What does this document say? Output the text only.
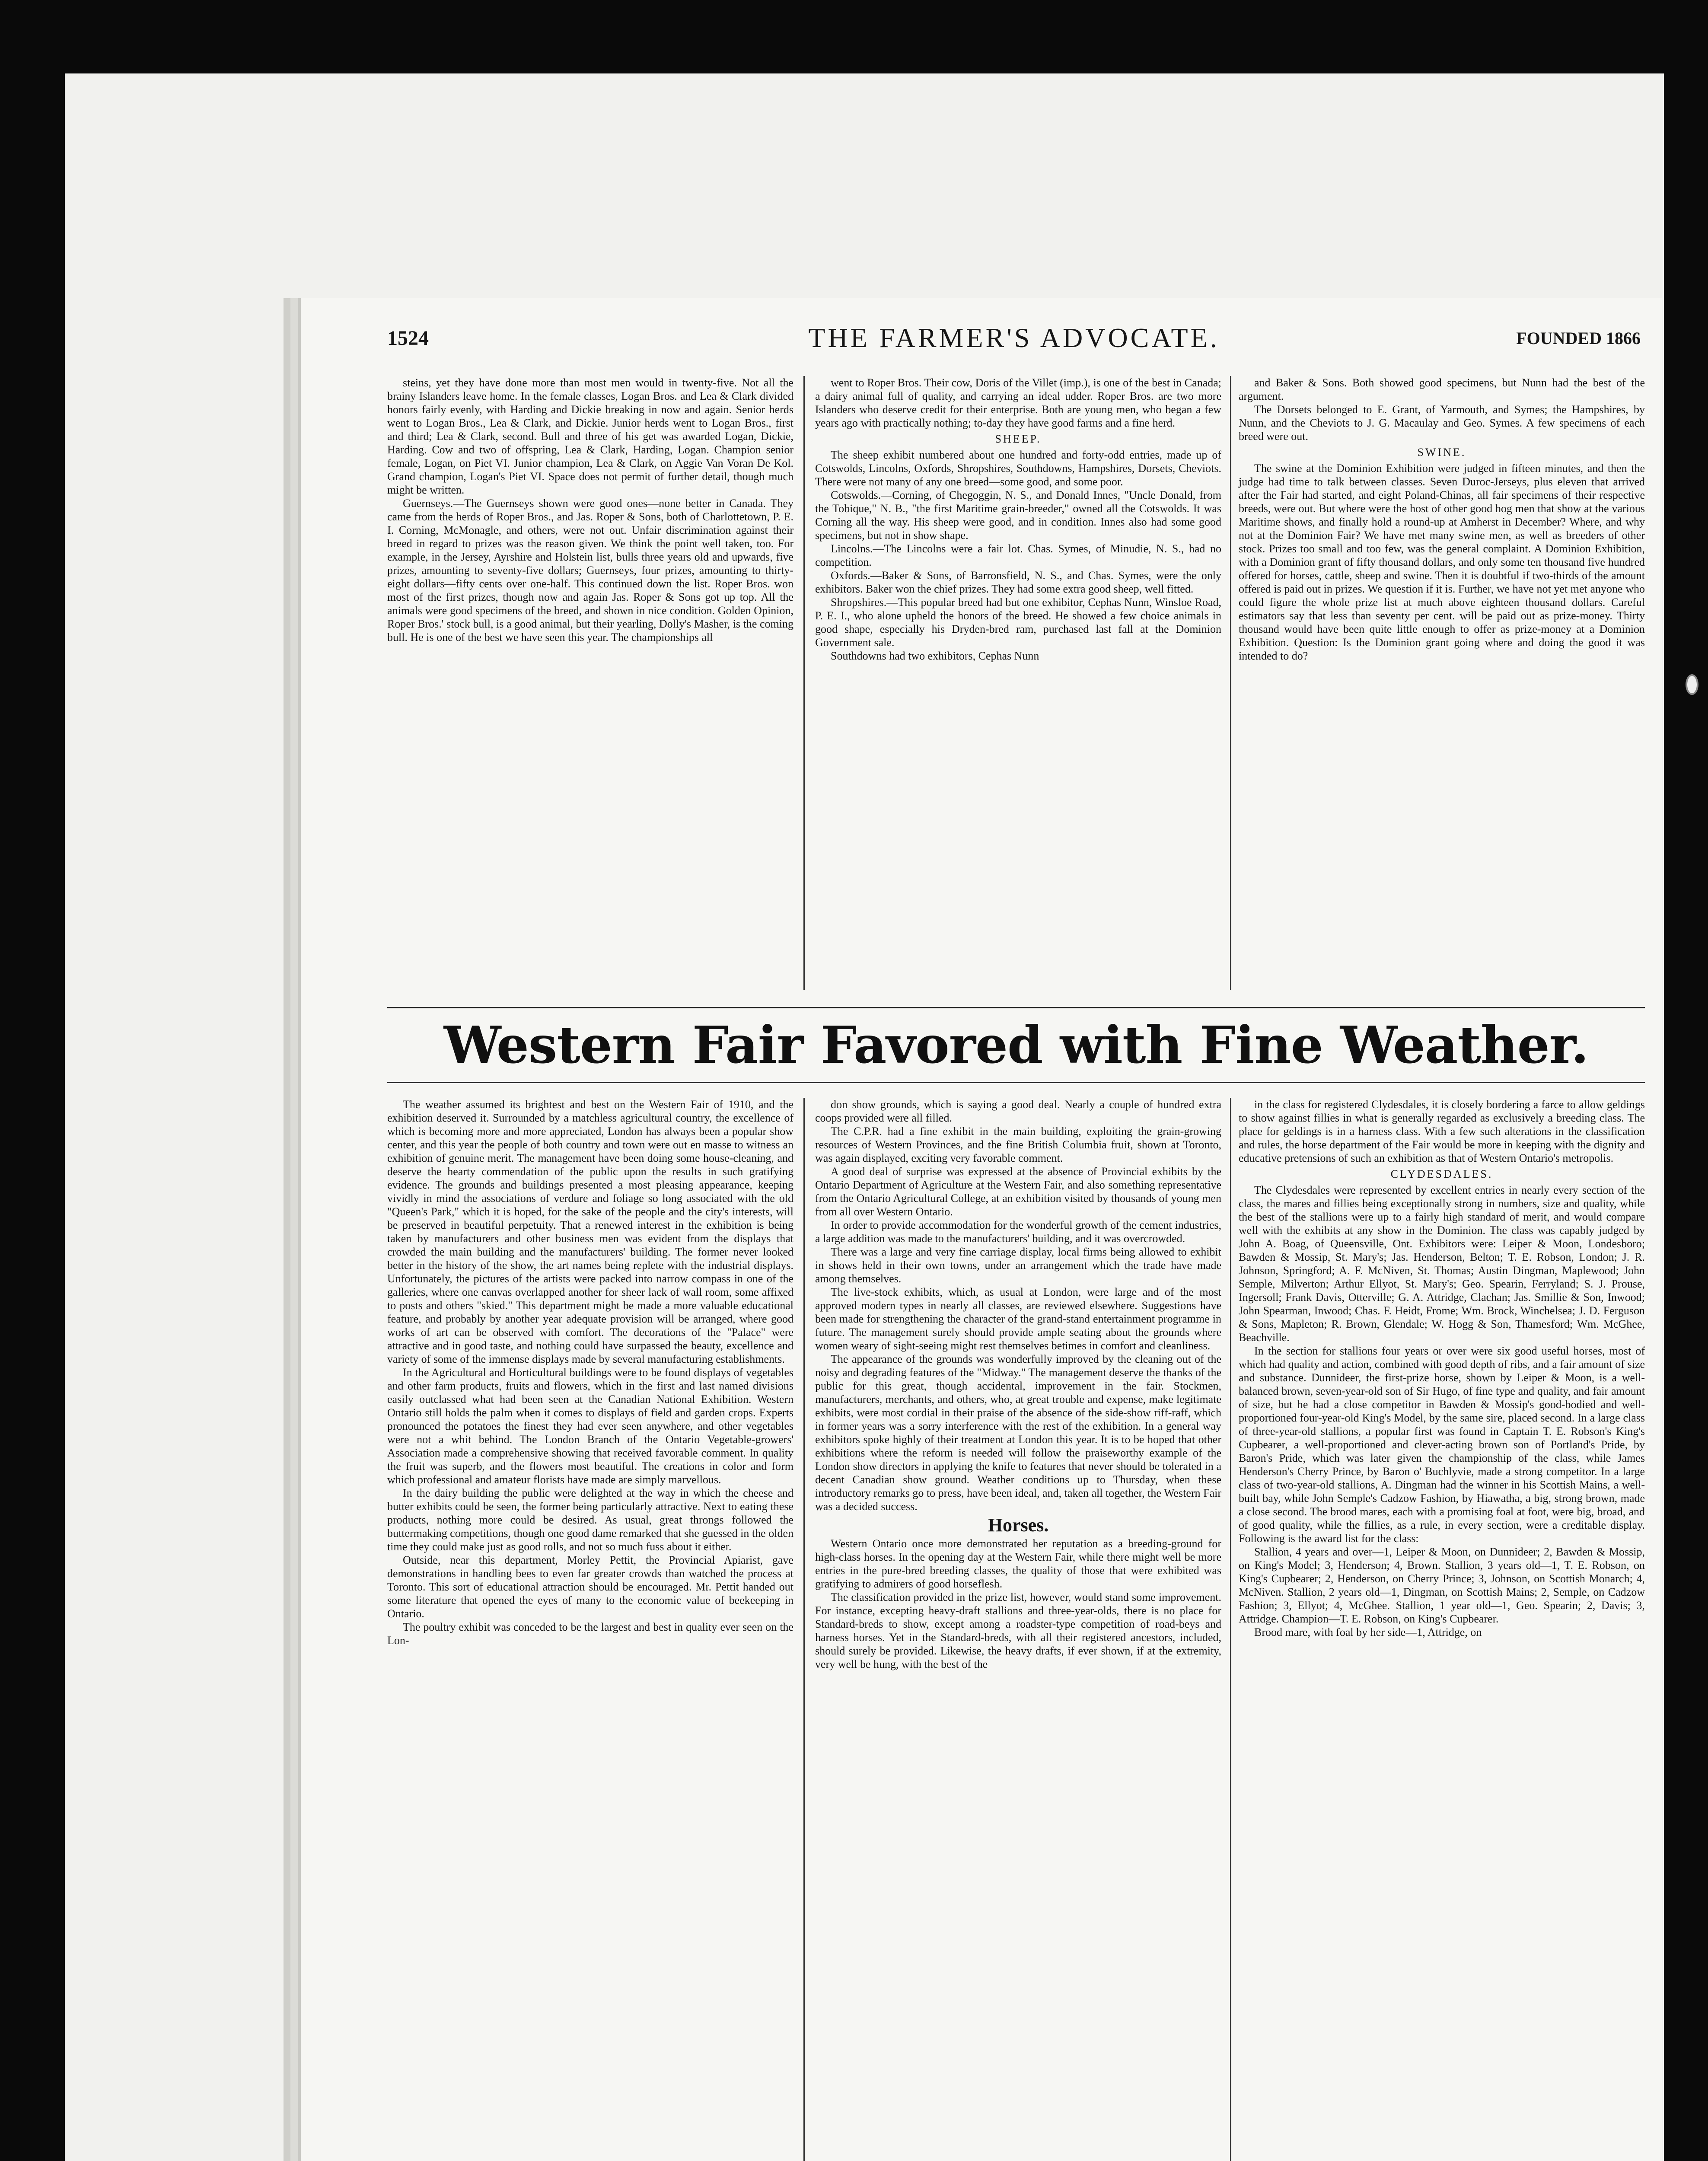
1524	THE FARMER'S ADVOCATE.	FOUNDED 1866

steins, yet they have done more than most men would in twenty-five. Not all the brainy Islanders leave home. In the female classes, Logan Bros. and Lea & Clark divided honors fairly evenly, with Harding and Dickie breaking in now and again. Senior herds went to Logan Bros., Lea & Clark, and Dickie. Junior herds went to Logan Bros., first and third; Lea & Clark, second. Bull and three of his get was awarded Logan, Dickie, Harding. Cow and two of offspring, Lea & Clark, Harding, Logan. Champion senior female, Logan, on Piet VI. Junior champion, Lea & Clark, on Aggie Van Voran De Kol. Grand champion, Logan's Piet VI. Space does not permit of further detail, though much might be written.

Guernseys.—The Guernseys shown were good ones—none better in Canada. They came from the herds of Roper Bros., and Jas. Roper & Sons, both of Charlottetown, P. E. I. Corning, McMonagle, and others, were not out. Unfair discrimination against their breed in regard to prizes was the reason given. We think the point well taken, too. For example, in the Jersey, Ayrshire and Holstein list, bulls three years old and upwards, five prizes, amounting to seventy-five dollars; Guernseys, four prizes, amounting to thirty-eight dollars—fifty cents over one-half. This continued down the list. Roper Bros. won most of the first prizes, though now and again Jas. Roper & Sons got up top. All the animals were good specimens of the breed, and shown in nice condition. Golden Opinion, Roper Bros.' stock bull, is a good animal, but their yearling, Dolly's Masher, is the coming bull. He is one of the best we have seen this year. The championships all

went to Roper Bros. Their cow, Doris of the Villet (imp.), is one of the best in Canada; a dairy animal full of quality, and carrying an ideal udder. Roper Bros. are two more Islanders who deserve credit for their enterprise. Both are young men, who began a few years ago with practically nothing; to-day they have good farms and a fine herd.

SHEEP.

The sheep exhibit numbered about one hundred and forty-odd entries, made up of Cotswolds, Lincolns, Oxfords, Shropshires, Southdowns, Hampshires, Dorsets, Cheviots. There were not many of any one breed—some good, and some poor.

Cotswolds.—Corning, of Chegoggin, N. S., and Donald Innes, "Uncle Donald, from the Tobique," N. B., "the first Maritime grain-breeder," owned all the Cotswolds. It was Corning all the way. His sheep were good, and in condition. Innes also had some good specimens, but not in show shape.

Lincolns.—The Lincolns were a fair lot. Chas. Symes, of Minudie, N. S., had no competition.

Oxfords.—Baker & Sons, of Barronsfield, N. S., and Chas. Symes, were the only exhibitors. Baker won the chief prizes. They had some extra good sheep, well fitted.

Shropshires.—This popular breed had but one exhibitor, Cephas Nunn, Winsloe Road, P. E. I., who alone upheld the honors of the breed. He showed a few choice animals in good shape, especially his Dryden-bred ram, purchased last fall at the Dominion Government sale.

Southdowns had two exhibitors, Cephas Nunn

and Baker & Sons. Both showed good specimens, but Nunn had the best of the argument.

The Dorsets belonged to E. Grant, of Yarmouth, and Symes; the Hampshires, by Nunn, and the Cheviots to J. G. Macaulay and Geo. Symes. A few specimens of each breed were out.

SWINE.

The swine at the Dominion Exhibition were judged in fifteen minutes, and then the judge had time to talk between classes. Seven Duroc-Jerseys, plus eleven that arrived after the Fair had started, and eight Poland-Chinas, all fair specimens of their respective breeds, were out. But where were the host of other good hog men that show at the various Maritime shows, and finally hold a round-up at Amherst in December? Where, and why not at the Dominion Fair? We have met many swine men, as well as breeders of other stock. Prizes too small and too few, was the general complaint. A Dominion Exhibition, with a Dominion grant of fifty thousand dollars, and only some ten thousand five hundred offered for horses, cattle, sheep and swine. Then it is doubtful if two-thirds of the amount offered is paid out in prizes. We question if it is. Further, we have not yet met anyone who could figure the whole prize list at much above eighteen thousand dollars. Careful estimators say that less than seventy per cent. will be paid out as prize-money. Thirty thousand would have been quite little enough to offer as prize-money at a Dominion Exhibition. Question: Is the Dominion grant going where and doing the good it was intended to do?

Western Fair Favored with Fine Weather.

The weather assumed its brightest and best on the Western Fair of 1910, and the exhibition deserved it. Surrounded by a matchless agricultural country, the excellence of which is becoming more and more appreciated, London has always been a popular show center, and this year the people of both country and town were out en masse to witness an exhibition of genuine merit. The management have been doing some house-cleaning, and deserve the hearty commendation of the public upon the results in such gratifying evidence. The grounds and buildings presented a most pleasing appearance, keeping vividly in mind the associations of verdure and foliage so long associated with the old "Queen's Park," which it is hoped, for the sake of the people and the city's interests, will be preserved in beautiful perpetuity. That a renewed interest in the exhibition is being taken by manufacturers and other business men was evident from the displays that crowded the main building and the manufacturers' building. The former never looked better in the history of the show, the art names being replete with the industrial displays. Unfortunately, the pictures of the artists were packed into narrow compass in one of the galleries, where one canvas overlapped another for sheer lack of wall room, some affixed to posts and others "skied." This department might be made a more valuable educational feature, and probably by another year adequate provision will be arranged, where good works of art can be observed with comfort. The decorations of the "Palace" were attractive and in good taste, and nothing could have surpassed the beauty, excellence and variety of some of the immense displays made by several manufacturing establishments.

In the Agricultural and Horticultural buildings were to be found displays of vegetables and other farm products, fruits and flowers, which in the first and last named divisions easily outclassed what had been seen at the Canadian National Exhibition. Western Ontario still holds the palm when it comes to displays of field and garden crops. Experts pronounced the potatoes the finest they had ever seen anywhere, and other vegetables were not a whit behind. The London Branch of the Ontario Vegetable-growers' Association made a comprehensive showing that received favorable comment. In quality the fruit was superb, and the flowers most beautiful. The creations in color and form which professional and amateur florists have made are simply marvellous.

In the dairy building the public were delighted at the way in which the cheese and butter exhibits could be seen, the former being particularly attractive. Next to eating these products, nothing more could be desired. As usual, great throngs followed the buttermaking competitions, though one good dame remarked that she guessed in the olden time they could make just as good rolls, and not so much fuss about it either.

Outside, near this department, Morley Pettit, the Provincial Apiarist, gave demonstrations in handling bees to even far greater crowds than watched the process at Toronto. This sort of educational attraction should be encouraged. Mr. Pettit handed out some literature that opened the eyes of many to the economic value of beekeeping in Ontario.

The poultry exhibit was conceded to be the largest and best in quality ever seen on the Lon-

don show grounds, which is saying a good deal. Nearly a couple of hundred extra coops provided were all filled.

The C.P.R. had a fine exhibit in the main building, exploiting the grain-growing resources of Western Provinces, and the fine British Columbia fruit, shown at Toronto, was again displayed, exciting very favorable comment.

A good deal of surprise was expressed at the absence of Provincial exhibits by the Ontario Department of Agriculture at the Western Fair, and also something representative from the Ontario Agricultural College, at an exhibition visited by thousands of young men from all over Western Ontario.

In order to provide accommodation for the wonderful growth of the cement industries, a large addition was made to the manufacturers' building, and it was overcrowded.

There was a large and very fine carriage display, local firms being allowed to exhibit in shows held in their own towns, under an arrangement which the trade have made among themselves.

The live-stock exhibits, which, as usual at London, were large and of the most approved modern types in nearly all classes, are reviewed elsewhere. Suggestions have been made for strengthening the character of the grand-stand entertainment programme in future. The management surely should provide ample seating about the grounds where women weary of sight-seeing might rest themselves betimes in comfort and cleanliness.

The appearance of the grounds was wonderfully improved by the cleaning out of the noisy and degrading features of the "Midway." The management deserve the thanks of the public for this great, though accidental, improvement in the fair. Stockmen, manufacturers, merchants, and others, who, at great trouble and expense, make legitimate exhibits, were most cordial in their praise of the absence of the side-show riff-raff, which in former years was a sorry interference with the rest of the exhibition. In a general way exhibitors spoke highly of their treatment at London this year. It is to be hoped that other exhibitions where the reform is needed will follow the praiseworthy example of the London show directors in applying the knife to features that never should be tolerated in a decent Canadian show ground. Weather conditions up to Thursday, when these introductory remarks go to press, have been ideal, and, taken all together, the Western Fair was a decided success.

Horses.

Western Ontario once more demonstrated her reputation as a breeding-ground for high-class horses. In the opening day at the Western Fair, while there might well be more entries in the pure-bred breeding classes, the quality of those that were exhibited was gratifying to admirers of good horseflesh.

The classification provided in the prize list, however, would stand some improvement. For instance, excepting heavy-draft stallions and three-year-olds, there is no place for Standard-breds to show, except among a roadster-type competition of road-beys and harness horses. Yet in the Standard-breds, with all their registered ancestors, included, should surely be provided. Likewise, the heavy drafts, if ever shown, if at the extremity, very well be hung, with the best of the

in the class for registered Clydesdales, it is closely bordering a farce to allow geldings to show against fillies in what is generally regarded as exclusively a breeding class. The place for geldings is in a harness class. With a few such alterations in the classification and rules, the horse department of the Fair would be more in keeping with the dignity and educative pretensions of such an exhibition as that of Western Ontario's metropolis.

CLYDESDALES.

The Clydesdales were represented by excellent entries in nearly every section of the class, the mares and fillies being exceptionally strong in numbers, size and quality, while the best of the stallions were up to a fairly high standard of merit, and would compare well with the exhibits at any show in the Dominion. The class was capably judged by John A. Boag, of Queensville, Ont. Exhibitors were: Leiper & Moon, Londesboro; Bawden & Mossip, St. Mary's; Jas. Henderson, Belton; T. E. Robson, London; J. R. Johnson, Springford; A. F. McNiven, St. Thomas; Austin Dingman, Maplewood; John Semple, Milverton; Arthur Ellyot, St. Mary's; Geo. Spearin, Ferryland; S. J. Prouse, Ingersoll; Frank Davis, Otterville; G. A. Attridge, Clachan; Jas. Smillie & Son, Inwood; John Spearman, Inwood; Chas. F. Heidt, Frome; Wm. Brock, Winchelsea; J. D. Ferguson & Sons, Mapleton; R. Brown, Glendale; W. Hogg & Son, Thamesford; Wm. McGhee, Beachville.

In the section for stallions four years or over were six good useful horses, most of which had quality and action, combined with good depth of ribs, and a fair amount of size and substance. Dunnideer, the first-prize horse, shown by Leiper & Moon, is a well-balanced brown, seven-year-old son of Sir Hugo, of fine type and quality, and fair amount of size, but he had a close competitor in Bawden & Mossip's good-bodied and well-proportioned four-year-old King's Model, by the same sire, placed second. In a large class of three-year-old stallions, a popular first was found in Captain T. E. Robson's King's Cupbearer, a well-proportioned and clever-acting brown son of Portland's Pride, by Baron's Pride, which was later given the championship of the class, while James Henderson's Cherry Prince, by Baron o' Buchlyvie, made a strong competitor. In a large class of two-year-old stallions, A. Dingman had the winner in his Scottish Mains, a well-built bay, while John Semple's Cadzow Fashion, by Hiawatha, a big, strong brown, made a close second. The brood mares, each with a promising foal at foot, were big, broad, and of good quality, while the fillies, as a rule, in every section, were a creditable display. Following is the award list for the class:

Stallion, 4 years and over—1, Leiper & Moon, on Dunnideer; 2, Bawden & Mossip, on King's Model; 3, Henderson; 4, Brown. Stallion, 3 years old—1, T. E. Robson, on King's Cupbearer; 2, Henderson, on Cherry Prince; 3, Johnson, on Scottish Monarch; 4, McNiven. Stallion, 2 years old—1, Dingman, on Scottish Mains; 2, Semple, on Cadzow Fashion; 3, Ellyot; 4, McGhee. Stallion, 1 year old—1, Geo. Spearin; 2, Davis; 3, Attridge. Champion—T. E. Robson, on King's Cupbearer.

Brood mare, with foal by her side—1, Attridge, on
